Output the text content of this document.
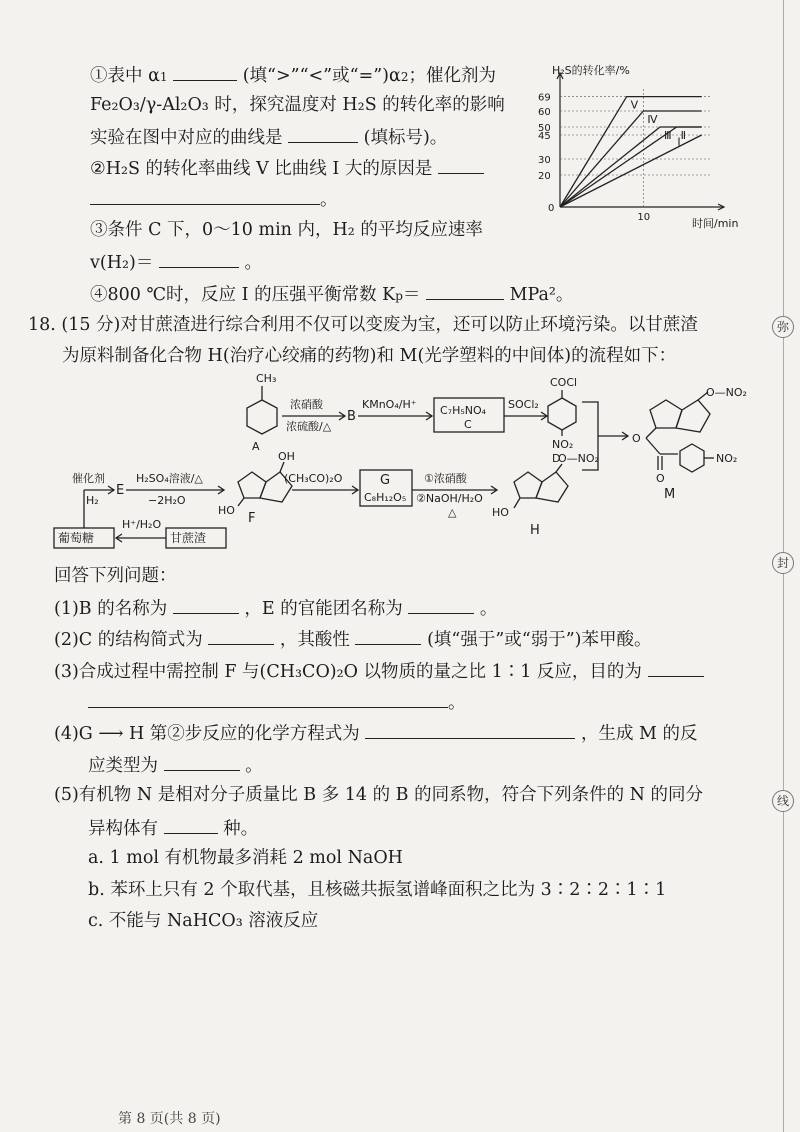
弥
封
线
①表中 α1	(填“>”“<”或“=”)α2；催化剂为
Fe₂O₃/γ-Al₂O₃ 时，探究温度对 H₂S 的转化率的影响
实验在图中对应的曲线是	(填标号)。
②H₂S 的转化率曲线 V 比曲线 Ⅰ 大的原因是
。
③条件 C 下，0～10 min 内，H₂ 的平均反应速率
v(H₂)＝	。
④800 ℃时，反应 Ⅰ 的压强平衡常数 Kp＝	MPa²。
H₂S的转化率/%
时间/min
0
20
30
45
50
60
69
10
Ⅰ Ⅱ
Ⅲ
Ⅳ
Ⅴ
18. (15 分)对甘蔗渣进行综合利用不仅可以变废为宝，还可以防止环境污染。以甘蔗渣
为原料制备化合物 H(治疗心绞痛的药物)和 M(光学塑料的中间体)的流程如下：
CH₃
A
浓硝酸
浓硫酸/△
B
KMnO₄/H⁺ C₇H₅NO₄
C
SOCl₂
COCl
NO₂
D
O—NO₂
NO₂
O
O
M
葡萄糖	甘蔗渣
H⁺/H₂O
催化剂
H₂
E
H₂SO₄溶液/△
−2H₂O
OH
HO
F
(CH₃CO)₂O	G
C₈H₁₂O₅
①浓硝酸
②NaOH/H₂O
△
O—NO₂
HO
H
回答下列问题：
(1)B 的名称为	，E 的官能团名称为	。
(2)C 的结构简式为	，其酸性	(填“强于”或“弱于”)苯甲酸。
(3)合成过程中需控制 F 与(CH₃CO)₂O 以物质的量之比 1∶1 反应，目的为
。
(4)G ⟶ H 第②步反应的化学方程式为	，生成 M 的反
应类型为	。
(5)有机物 N 是相对分子质量比 B 多 14 的 B 的同系物，符合下列条件的 N 的同分
异构体有	种。
a. 1 mol 有机物最多消耗 2 mol NaOH
b. 苯环上只有 2 个取代基，且核磁共振氢谱峰面积之比为 3∶2∶2∶1∶1
c. 不能与 NaHCO₃ 溶液反应
第 8 页(共 8 页)
